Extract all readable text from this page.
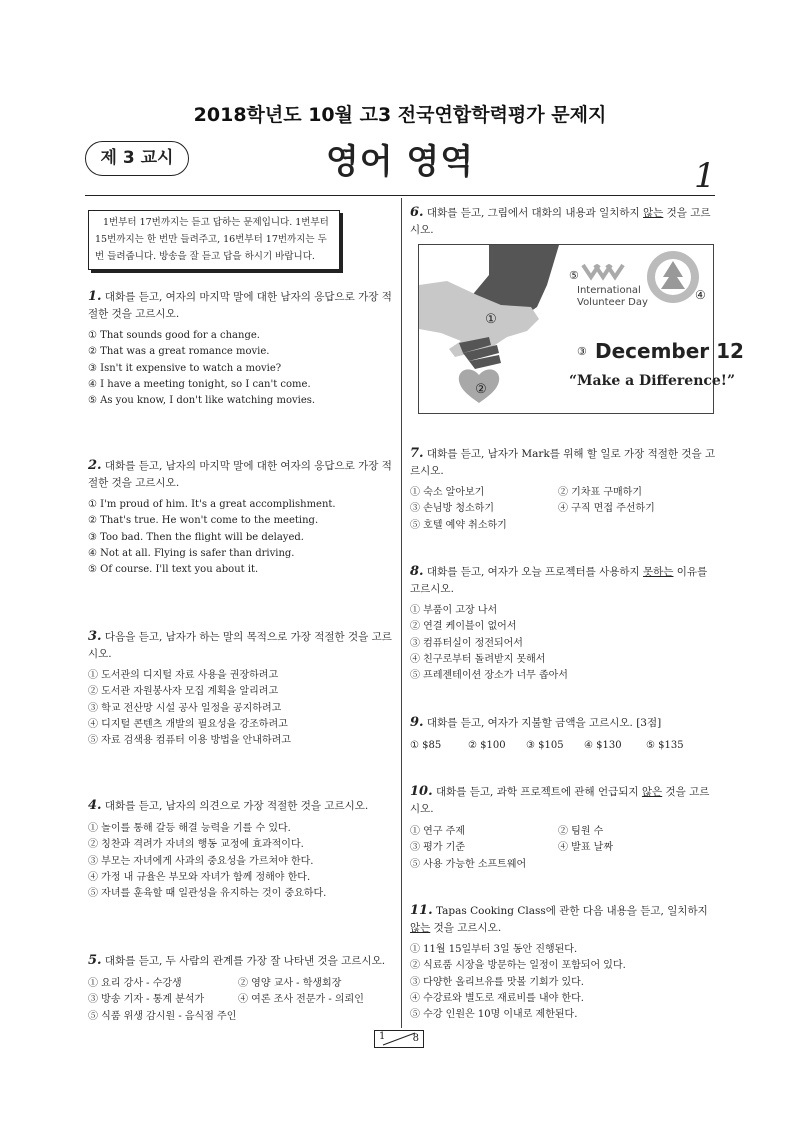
2018학년도 10월 고3 전국연합학력평가 문제지
제 3 교시	영어 영역	1
1번부터 17번까지는 듣고 답하는 문제입니다. 1번부터 15번까지는 한 번만 들려주고, 16번부터 17번까지는 두 번 들려줍니다. 방송을 잘 듣고 답을 하시기 바랍니다.
1. 대화를 듣고, 여자의 마지막 말에 대한 남자의 응답으로 가장 적절한 것을 고르시오.
① That sounds good for a change.
② That was a great romance movie.
③ Isn't it expensive to watch a movie?
④ I have a meeting tonight, so I can't come.
⑤ As you know, I don't like watching movies.
2. 대화를 듣고, 남자의 마지막 말에 대한 여자의 응답으로 가장 적절한 것을 고르시오.
① I'm proud of him. It's a great accomplishment.
② That's true. He won't come to the meeting.
③ Too bad. Then the flight will be delayed.
④ Not at all. Flying is safer than driving.
⑤ Of course. I'll text you about it.
3. 다음을 듣고, 남자가 하는 말의 목적으로 가장 적절한 것을 고르시오.
① 도서관의 디지털 자료 사용을 권장하려고
② 도서관 자원봉사자 모집 계획을 알리려고
③ 학교 전산망 시설 공사 일정을 공지하려고
④ 디지털 콘텐츠 개발의 필요성을 강조하려고
⑤ 자료 검색용 컴퓨터 이용 방법을 안내하려고
4. 대화를 듣고, 남자의 의견으로 가장 적절한 것을 고르시오.
① 놀이를 통해 갈등 해결 능력을 기를 수 있다.
② 칭찬과 격려가 자녀의 행동 교정에 효과적이다.
③ 부모는 자녀에게 사과의 중요성을 가르쳐야 한다.
④ 가정 내 규율은 부모와 자녀가 함께 정해야 한다.
⑤ 자녀를 훈육할 때 일관성을 유지하는 것이 중요하다.
5. 대화를 듣고, 두 사람의 관계를 가장 잘 나타낸 것을 고르시오.
① 요리 강사 - 수강생	② 영양 교사 - 학생회장
③ 방송 기자 - 통계 분석가	④ 여론 조사 전문가 - 의뢰인
⑤ 식품 위생 감시원 - 음식점 주인
6. 대화를 듣고, 그림에서 대화의 내용과 일치하지 않는 것을 고르시오.
②
①
⑤
International
Volunteer Day
④
③ December 12
“Make a Difference!”
7. 대화를 듣고, 남자가 Mark를 위해 할 일로 가장 적절한 것을 고르시오.
① 숙소 알아보기	② 기차표 구매하기
③ 손님방 청소하기	④ 구직 면접 주선하기
⑤ 호텔 예약 취소하기
8. 대화를 듣고, 여자가 오늘 프로젝터를 사용하지 못하는 이유를 고르시오.
① 부품이 고장 나서
② 연결 케이블이 없어서
③ 컴퓨터실이 정전되어서
④ 친구로부터 돌려받지 못해서
⑤ 프레젠테이션 장소가 너무 좁아서
9. 대화를 듣고, 여자가 지불할 금액을 고르시오. [3점]
① $85	② $100 ③ $105 ④ $130 ⑤ $135
10. 대화를 듣고, 과학 프로젝트에 관해 언급되지 않은 것을 고르시오.
① 연구 주제	② 팀원 수
③ 평가 기준	④ 발표 날짜
⑤ 사용 가능한 소프트웨어
11. Tapas Cooking Class에 관한 다음 내용을 듣고, 일치하지 않는 것을 고르시오.
① 11월 15일부터 3일 동안 진행된다.
② 식료품 시장을 방문하는 일정이 포함되어 있다.
③ 다양한 올리브유를 맛볼 기회가 있다.
④ 수강료와 별도로 재료비를 내야 한다.
⑤ 수강 인원은 10명 이내로 제한된다.
1	8
